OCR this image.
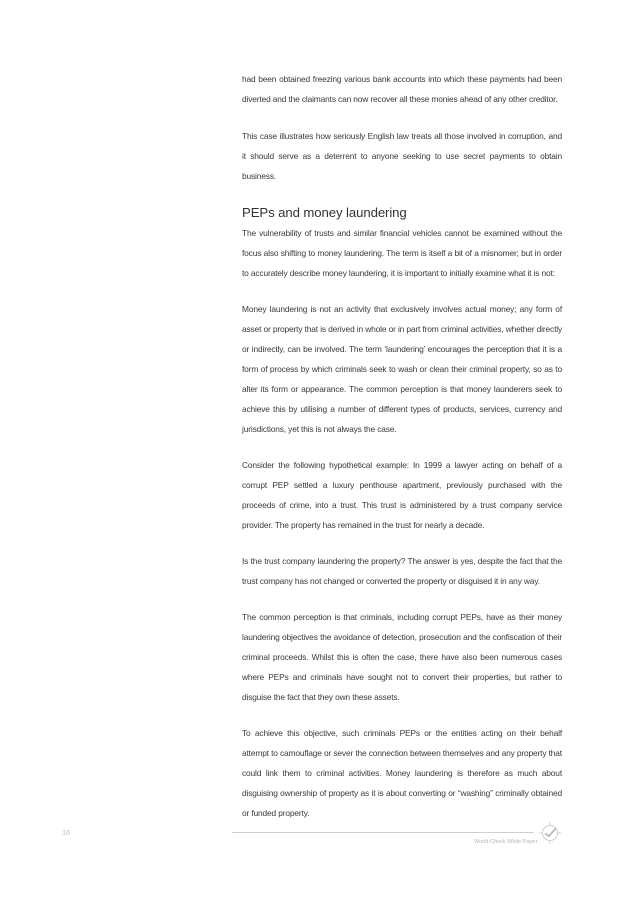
had been obtained freezing various bank accounts into which these payments had been diverted and the claimants can now recover all these monies ahead of any other creditor.

This case illustrates how seriously English law treats all those involved in corruption, and it should serve as a deterrent to anyone seeking to use secret payments to obtain business.

PEPs and money laundering

The vulnerability of trusts and similar financial vehicles cannot be examined without the focus also shifting to money laundering. The term is itself a bit of a misnomer; but in order to accurately describe money laundering, it is important to initially examine what it is not:

Money laundering is not an activity that exclusively involves actual money; any form of asset or property that is derived in whole or in part from criminal activities, whether directly or indirectly, can be involved. The term ‘laundering’ encourages the perception that it is a form of process by which criminals seek to wash or clean their criminal property, so as to alter its form or appearance. The common perception is that money launderers seek to achieve this by utilising a number of different types of products, services, currency and jurisdictions, yet this is not always the case.

Consider the following hypothetical example: In 1999 a lawyer acting on behalf of a corrupt PEP settled a luxury penthouse apartment, previously purchased with the proceeds of crime, into a trust. This trust is administered by a trust company service provider. The property has remained in the trust for nearly a decade.

Is the trust company laundering the property? The answer is yes, despite the fact that the trust company has not changed or converted the property or disguised it in any way.

The common perception is that criminals, including corrupt PEPs, have as their money laundering objectives the avoidance of detection, prosecution and the confiscation of their criminal proceeds. Whilst this is often the case, there have also been numerous cases where PEPs and criminals have sought not to convert their properties, but rather to disguise the fact that they own these assets.

To achieve this objective, such criminals PEPs or the entities acting on their behalf attempt to camouflage or sever the connection between themselves and any property that could link them to criminal activities. Money laundering is therefore as much about disguising ownership of property as it is about converting or “washing” criminally obtained or funded property.

16
World-Check White Paper
